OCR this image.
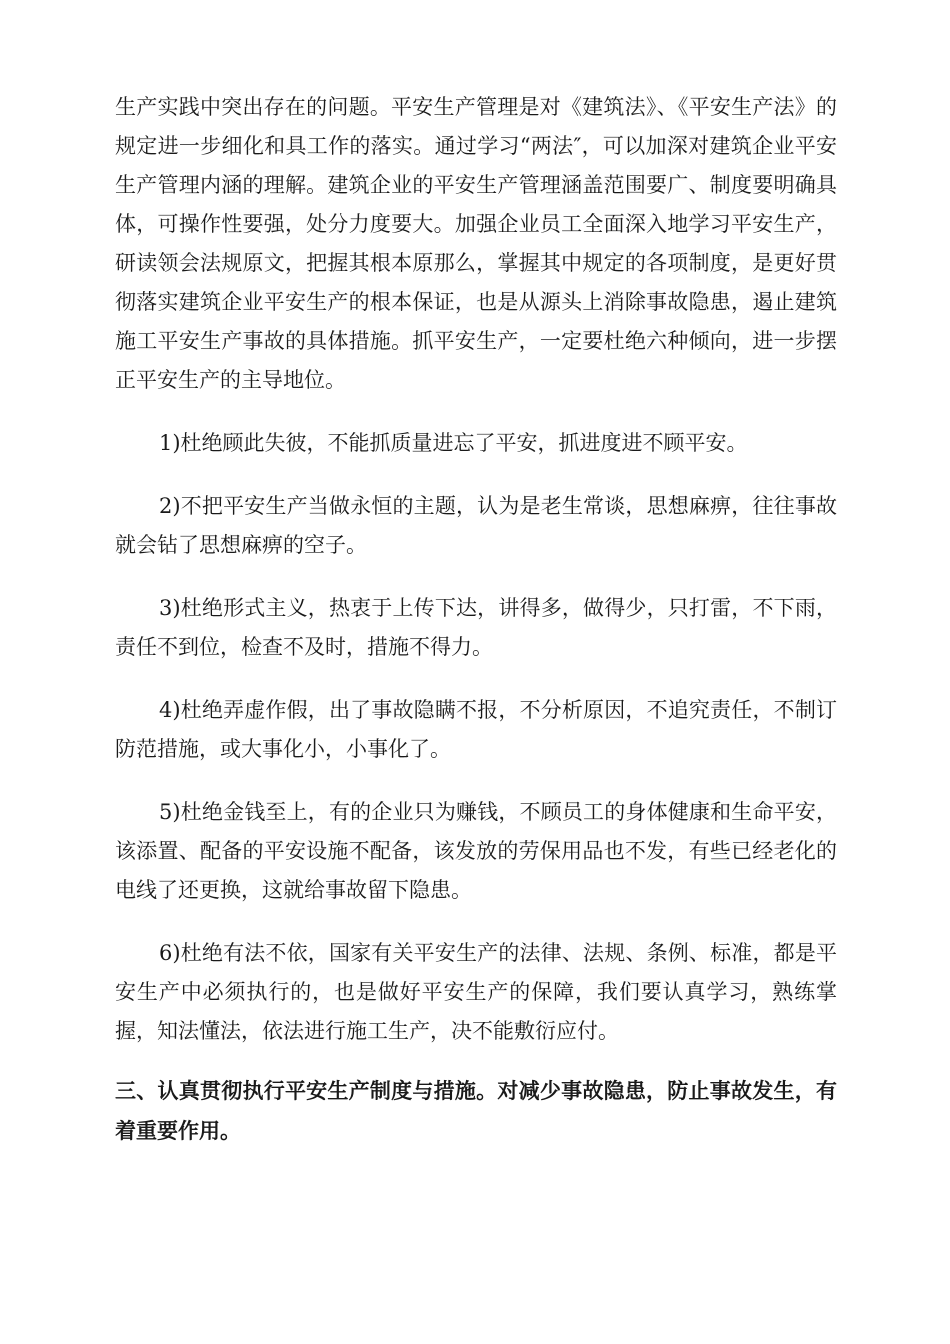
生产实践中突出存在的问题。平安生产管理是对《建筑法》、《平安生产法》的规定进一步细化和具工作的落实。通过学习“两法″，可以加深对建筑企业平安生产管理内涵的理解。建筑企业的平安生产管理涵盖范围要广、制度要明确具体，可操作性要强，处分力度要大。加强企业员工全面深入地学习平安生产，研读领会法规原文，把握其根本原那么，掌握其中规定的各项制度，是更好贯彻落实建筑企业平安生产的根本保证，也是从源头上消除事故隐患，遏止建筑施工平安生产事故的具体措施。抓平安生产，一定要杜绝六种倾向，进一步摆正平安生产的主导地位。

1)杜绝顾此失彼，不能抓质量进忘了平安，抓进度进不顾平安。

2)不把平安生产当做永恒的主题，认为是老生常谈，思想麻痹，往往事故就会钻了思想麻痹的空子。

3)杜绝形式主义，热衷于上传下达，讲得多，做得少，只打雷，不下雨，责任不到位，检查不及时，措施不得力。

4)杜绝弄虚作假，出了事故隐瞒不报，不分析原因，不追究责任，不制订防范措施，或大事化小，小事化了。

5)杜绝金钱至上，有的企业只为赚钱，不顾员工的身体健康和生命平安，该添置、配备的平安设施不配备，该发放的劳保用品也不发，有些已经老化的电线了还更换，这就给事故留下隐患。

6)杜绝有法不依，国家有关平安生产的法律、法规、条例、标准，都是平安生产中必须执行的，也是做好平安生产的保障，我们要认真学习，熟练掌握，知法懂法，依法进行施工生产，决不能敷衍应付。

三、认真贯彻执行平安生产制度与措施。对减少事故隐患，防止事故发生，有着重要作用。
